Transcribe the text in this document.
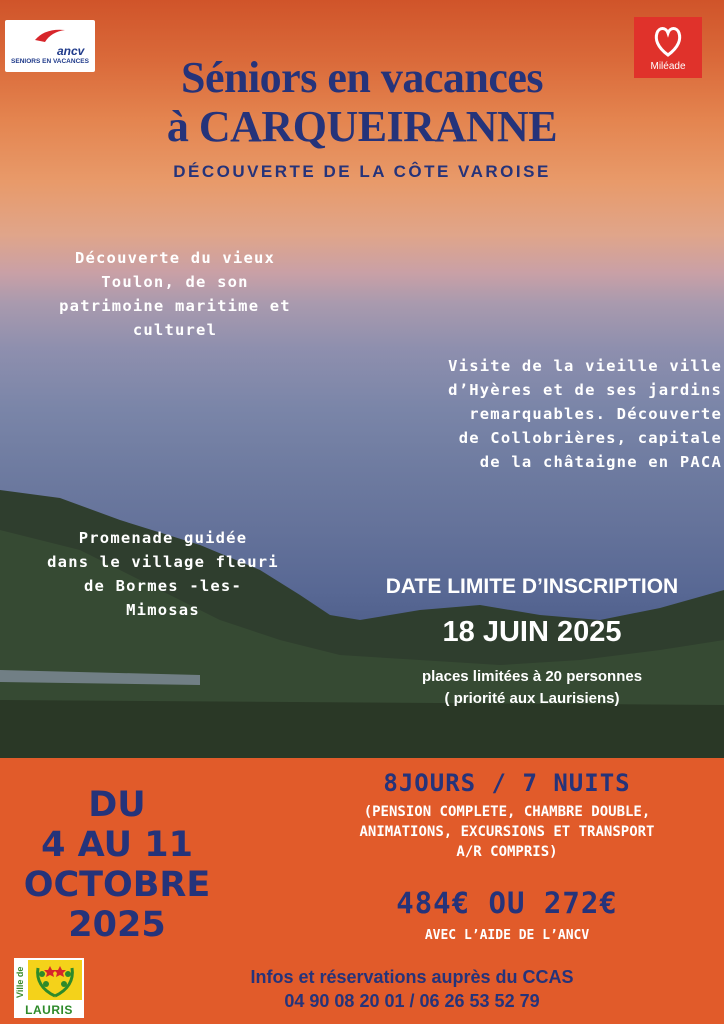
ancv
SENIORS EN VACANCES	Miléade
Séniors en vacances
à CARQUEIRANNE
DÉCOUVERTE DE LA CÔTE VAROISE
Découverte du vieux
Toulon, de son
patrimoine maritime et
culturel
Visite de la vieille ville
d’Hyères et de ses jardins
remarquables. Découverte
de Collobrières, capitale
de la châtaigne en PACA
Promenade guidée
dans le village fleuri
de Bormes -les-
Mimosas
DATE LIMITE D’INSCRIPTION
18 JUIN 2025
places limitées à 20 personnes
( priorité aux Laurisiens)
DU
4 AU 11
OCTOBRE
2025
8JOURS / 7 NUITS
(PENSION COMPLETE, CHAMBRE DOUBLE,
ANIMATIONS, EXCURSIONS ET TRANSPORT
A/R COMPRIS)
484€ OU 272€
AVEC L’AIDE DE L’ANCV
Ville de
LAURIS
Infos et réservations auprès du CCAS
04 90 08 20 01 / 06 26 53 52 79
